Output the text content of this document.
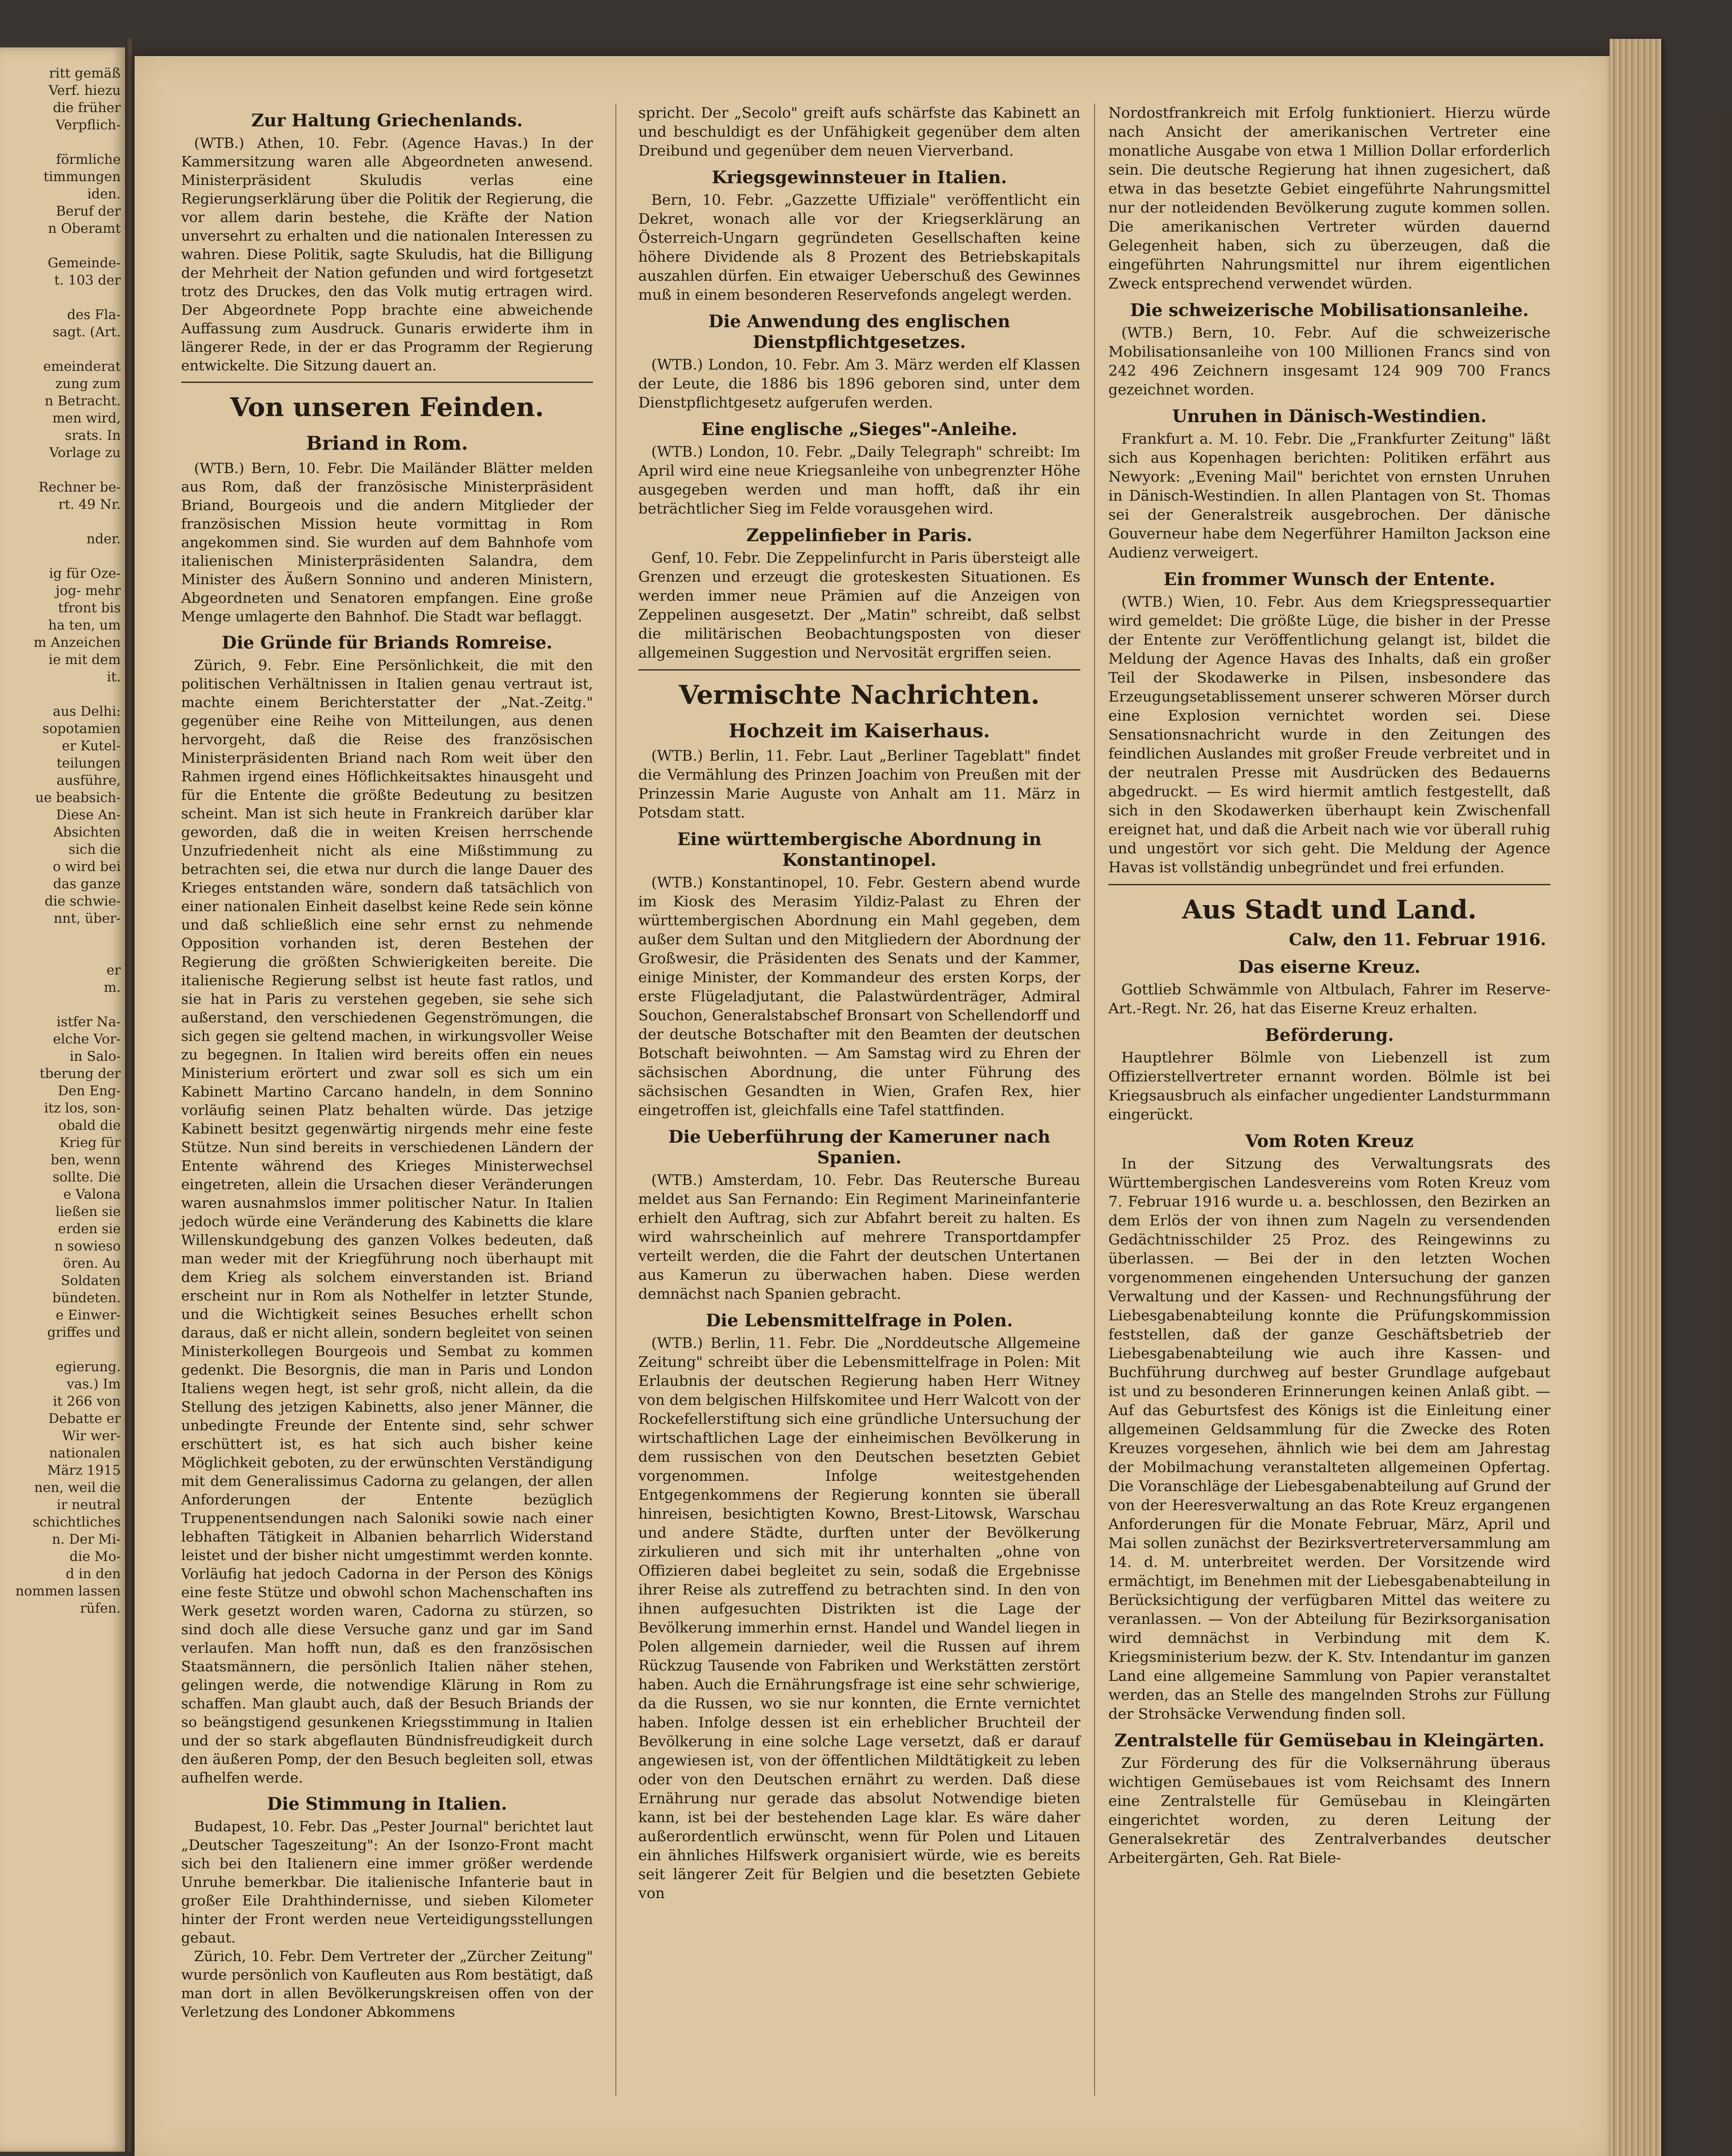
ritt gemäß
Verf. hiezu
die früher
Verpflich-
förmliche
timmungen
iden.
Beruf der
n Oberamt
Gemeinde-
t. 103 der
des Fla-
sagt. (Art.
emeinderat
zung zum
n Betracht.
men wird,
srats. In
Vorlage zu
Rechner be-
rt. 49 Nr.
nder.
ig für Oze-
jog- mehr
tfront bis
ha ten, um
m Anzeichen
ie mit dem
it.
aus Delhi:
sopotamien
er Kutel-
teilungen
ausführe,
ue beabsich-
Diese An-
Absichten
sich die
o wird bei
das ganze
die schwie-
nnt, über-
er
m.
istfer Na-
elche Vor-
in Salo-
tberung der
Den Eng-
itz los, son-
obald die
Krieg für
ben, wenn
sollte. Die
e Valona
ließen sie
erden sie
n sowieso
ören. Au
Soldaten
bündeten.
e Einwer-
griffes und
egierung.
vas.) Im
it 266 von
Debatte er
Wir wer-
nationalen
März 1915
nen, weil die
ir neutral
schichtliches
n. Der Mi-
die Mo-
d in den
nommen lassen
rüfen.
Zur Haltung Griechenlands.

(WTB.) Athen, 10. Febr. (Agence Havas.) In der Kammersitzung waren alle Abgeordneten anwesend. Ministerpräsident Skuludis verlas eine Regierungserklärung über die Politik der Regierung, die vor allem darin bestehe, die Kräfte der Nation unversehrt zu erhalten und die nationalen Interessen zu wahren. Diese Politik, sagte Skuludis, hat die Billigung der Mehrheit der Nation gefunden und wird fortgesetzt trotz des Druckes, den das Volk mutig ertragen wird. Der Abgeordnete Popp brachte eine abweichende Auffassung zum Ausdruck. Gunaris erwiderte ihm in längerer Rede, in der er das Programm der Regierung entwickelte. Die Sitzung dauert an.

Von unseren Feinden.
Briand in Rom.

(WTB.) Bern, 10. Febr. Die Mailänder Blätter melden aus Rom, daß der französische Ministerpräsident Briand, Bourgeois und die andern Mitglieder der französischen Mission heute vormittag in Rom angekommen sind. Sie wurden auf dem Bahnhofe vom italienischen Ministerpräsidenten Salandra, dem Minister des Äußern Sonnino und anderen Ministern, Abgeordneten und Senatoren empfangen. Eine große Menge umlagerte den Bahnhof. Die Stadt war beflaggt.

Die Gründe für Briands Romreise.

Zürich, 9. Febr. Eine Persönlichkeit, die mit den politischen Verhältnissen in Italien genau vertraut ist, machte einem Berichterstatter der „Nat.-Zeitg." gegenüber eine Reihe von Mitteilungen, aus denen hervorgeht, daß die Reise des französischen Ministerpräsidenten Briand nach Rom weit über den Rahmen irgend eines Höflichkeitsaktes hinausgeht und für die Entente die größte Bedeutung zu besitzen scheint. Man ist sich heute in Frankreich darüber klar geworden, daß die in weiten Kreisen herrschende Unzufriedenheit nicht als eine Mißstimmung zu betrachten sei, die etwa nur durch die lange Dauer des Krieges entstanden wäre, sondern daß tatsächlich von einer nationalen Einheit daselbst keine Rede sein könne und daß schließlich eine sehr ernst zu nehmende Opposition vorhanden ist, deren Bestehen der Regierung die größten Schwierigkeiten bereite. Die italienische Regierung selbst ist heute fast ratlos, und sie hat in Paris zu verstehen gegeben, sie sehe sich außerstand, den verschiedenen Gegenströmungen, die sich gegen sie geltend machen, in wirkungsvoller Weise zu begegnen. In Italien wird bereits offen ein neues Ministerium erörtert und zwar soll es sich um ein Kabinett Martino Carcano handeln, in dem Sonnino vorläufig seinen Platz behalten würde. Das jetzige Kabinett besitzt gegenwärtig nirgends mehr eine feste Stütze. Nun sind bereits in verschiedenen Ländern der Entente während des Krieges Ministerwechsel eingetreten, allein die Ursachen dieser Veränderungen waren ausnahmslos immer politischer Natur. In Italien jedoch würde eine Veränderung des Kabinetts die klare Willenskundgebung des ganzen Volkes bedeuten, daß man weder mit der Kriegführung noch überhaupt mit dem Krieg als solchem einverstanden ist. Briand erscheint nur in Rom als Nothelfer in letzter Stunde, und die Wichtigkeit seines Besuches erhellt schon daraus, daß er nicht allein, sondern begleitet von seinen Ministerkollegen Bourgeois und Sembat zu kommen gedenkt. Die Besorgnis, die man in Paris und London Italiens wegen hegt, ist sehr groß, nicht allein, da die Stellung des jetzigen Kabinetts, also jener Männer, die unbedingte Freunde der Entente sind, sehr schwer erschüttert ist, es hat sich auch bisher keine Möglichkeit geboten, zu der erwünschten Verständigung mit dem Generalissimus Cadorna zu gelangen, der allen Anforderungen der Entente bezüglich Truppenentsendungen nach Saloniki sowie nach einer lebhaften Tätigkeit in Albanien beharrlich Widerstand leistet und der bisher nicht umgestimmt werden konnte. Vorläufig hat jedoch Cadorna in der Person des Königs eine feste Stütze und obwohl schon Machenschaften ins Werk gesetzt worden waren, Cadorna zu stürzen, so sind doch alle diese Versuche ganz und gar im Sand verlaufen. Man hofft nun, daß es den französischen Staatsmännern, die persönlich Italien näher stehen, gelingen werde, die notwendige Klärung in Rom zu schaffen. Man glaubt auch, daß der Besuch Briands der so beängstigend gesunkenen Kriegsstimmung in Italien und der so stark abgeflauten Bündnisfreudigkeit durch den äußeren Pomp, der den Besuch begleiten soll, etwas aufhelfen werde.

Die Stimmung in Italien.

Budapest, 10. Febr. Das „Pester Journal" berichtet laut „Deutscher Tageszeitung": An der Isonzo-Front macht sich bei den Italienern eine immer größer werdende Unruhe bemerkbar. Die italienische Infanterie baut in großer Eile Drahthindernisse, und sieben Kilometer hinter der Front werden neue Verteidigungsstellungen gebaut.

Zürich, 10. Febr. Dem Vertreter der „Zürcher Zeitung" wurde persönlich von Kaufleuten aus Rom bestätigt, daß man dort in allen Bevölkerungskreisen offen von der Verletzung des Londoner Abkommens

spricht. Der „Secolo" greift aufs schärfste das Kabinett an und beschuldigt es der Unfähigkeit gegenüber dem alten Dreibund und gegenüber dem neuen Vierverband.

Kriegsgewinnsteuer in Italien.

Bern, 10. Febr. „Gazzette Uffiziale" veröffentlicht ein Dekret, wonach alle vor der Kriegserklärung an Österreich-Ungarn gegründeten Gesellschaften keine höhere Dividende als 8 Prozent des Betriebskapitals auszahlen dürfen. Ein etwaiger Ueberschuß des Gewinnes muß in einem besonderen Reservefonds angelegt werden.

Die Anwendung des englischen Dienstpflichtgesetzes.

(WTB.) London, 10. Febr. Am 3. März werden elf Klassen der Leute, die 1886 bis 1896 geboren sind, unter dem Dienstpflichtgesetz aufgerufen werden.

Eine englische „Sieges"-Anleihe.

(WTB.) London, 10. Febr. „Daily Telegraph" schreibt: Im April wird eine neue Kriegsanleihe von unbegrenzter Höhe ausgegeben werden und man hofft, daß ihr ein beträchtlicher Sieg im Felde vorausgehen wird.

Zeppelinfieber in Paris.

Genf, 10. Febr. Die Zeppelinfurcht in Paris übersteigt alle Grenzen und erzeugt die groteskesten Situationen. Es werden immer neue Prämien auf die Anzeigen von Zeppelinen ausgesetzt. Der „Matin" schreibt, daß selbst die militärischen Beobachtungsposten von dieser allgemeinen Suggestion und Nervosität ergriffen seien.

Vermischte Nachrichten.
Hochzeit im Kaiserhaus.

(WTB.) Berlin, 11. Febr. Laut „Berliner Tageblatt" findet die Vermählung des Prinzen Joachim von Preußen mit der Prinzessin Marie Auguste von Anhalt am 11. März in Potsdam statt.

Eine württembergische Abordnung in Konstantinopel.

(WTB.) Konstantinopel, 10. Febr. Gestern abend wurde im Kiosk des Merasim Yildiz-Palast zu Ehren der württembergischen Abordnung ein Mahl gegeben, dem außer dem Sultan und den Mitgliedern der Abordnung der Großwesir, die Präsidenten des Senats und der Kammer, einige Minister, der Kommandeur des ersten Korps, der erste Flügeladjutant, die Palastwürdenträger, Admiral Souchon, Generalstabschef Bronsart von Schellendorff und der deutsche Botschafter mit den Beamten der deutschen Botschaft beiwohnten. — Am Samstag wird zu Ehren der sächsischen Abordnung, die unter Führung des sächsischen Gesandten in Wien, Grafen Rex, hier eingetroffen ist, gleichfalls eine Tafel stattfinden.

Die Ueberführung der Kameruner nach Spanien.

(WTB.) Amsterdam, 10. Febr. Das Reutersche Bureau meldet aus San Fernando: Ein Regiment Marineinfanterie erhielt den Auftrag, sich zur Abfahrt bereit zu halten. Es wird wahrscheinlich auf mehrere Transportdampfer verteilt werden, die die Fahrt der deutschen Untertanen aus Kamerun zu überwachen haben. Diese werden demnächst nach Spanien gebracht.

Die Lebensmittelfrage in Polen.

(WTB.) Berlin, 11. Febr. Die „Norddeutsche Allgemeine Zeitung" schreibt über die Lebensmittelfrage in Polen: Mit Erlaubnis der deutschen Regierung haben Herr Witney von dem belgischen Hilfskomitee und Herr Walcott von der Rockefellerstiftung sich eine gründliche Untersuchung der wirtschaftlichen Lage der einheimischen Bevölkerung in dem russischen von den Deutschen besetzten Gebiet vorgenommen. Infolge weitestgehenden Entgegenkommens der Regierung konnten sie überall hinreisen, besichtigten Kowno, Brest-Litowsk, Warschau und andere Städte, durften unter der Bevölkerung zirkulieren und sich mit ihr unterhalten „ohne von Offizieren dabei begleitet zu sein, sodaß die Ergebnisse ihrer Reise als zutreffend zu betrachten sind. In den von ihnen aufgesuchten Distrikten ist die Lage der Bevölkerung immerhin ernst. Handel und Wandel liegen in Polen allgemein darnieder, weil die Russen auf ihrem Rückzug Tausende von Fabriken und Werkstätten zerstört haben. Auch die Ernährungsfrage ist eine sehr schwierige, da die Russen, wo sie nur konnten, die Ernte vernichtet haben. Infolge dessen ist ein erheblicher Bruchteil der Bevölkerung in eine solche Lage versetzt, daß er darauf angewiesen ist, von der öffentlichen Mildtätigkeit zu leben oder von den Deutschen ernährt zu werden. Daß diese Ernährung nur gerade das absolut Notwendige bieten kann, ist bei der bestehenden Lage klar. Es wäre daher außerordentlich erwünscht, wenn für Polen und Litauen ein ähnliches Hilfswerk organisiert würde, wie es bereits seit längerer Zeit für Belgien und die besetzten Gebiete von

Nordostfrankreich mit Erfolg funktioniert. Hierzu würde nach Ansicht der amerikanischen Vertreter eine monatliche Ausgabe von etwa 1 Million Dollar erforderlich sein. Die deutsche Regierung hat ihnen zugesichert, daß etwa in das besetzte Gebiet eingeführte Nahrungsmittel nur der notleidenden Bevölkerung zugute kommen sollen. Die amerikanischen Vertreter würden dauernd Gelegenheit haben, sich zu überzeugen, daß die eingeführten Nahrungsmittel nur ihrem eigentlichen Zweck entsprechend verwendet würden.

Die schweizerische Mobilisationsanleihe.

(WTB.) Bern, 10. Febr. Auf die schweizerische Mobilisationsanleihe von 100 Millionen Francs sind von 242 496 Zeichnern insgesamt 124 909 700 Francs gezeichnet worden.

Unruhen in Dänisch-Westindien.

Frankfurt a. M. 10. Febr. Die „Frankfurter Zeitung" läßt sich aus Kopenhagen berichten: Politiken erfährt aus Newyork: „Evening Mail" berichtet von ernsten Unruhen in Dänisch-Westindien. In allen Plantagen von St. Thomas sei der Generalstreik ausgebrochen. Der dänische Gouverneur habe dem Negerführer Hamilton Jackson eine Audienz verweigert.

Ein frommer Wunsch der Entente.

(WTB.) Wien, 10. Febr. Aus dem Kriegspressequartier wird gemeldet: Die größte Lüge, die bisher in der Presse der Entente zur Veröffentlichung gelangt ist, bildet die Meldung der Agence Havas des Inhalts, daß ein großer Teil der Skodawerke in Pilsen, insbesondere das Erzeugungsetablissement unserer schweren Mörser durch eine Explosion vernichtet worden sei. Diese Sensationsnachricht wurde in den Zeitungen des feindlichen Auslandes mit großer Freude verbreitet und in der neutralen Presse mit Ausdrücken des Bedauerns abgedruckt. — Es wird hiermit amtlich festgestellt, daß sich in den Skodawerken überhaupt kein Zwischenfall ereignet hat, und daß die Arbeit nach wie vor überall ruhig und ungestört vor sich geht. Die Meldung der Agence Havas ist vollständig unbegründet und frei erfunden.

Aus Stadt und Land.
Calw, den 11. Februar 1916.
Das eiserne Kreuz.

Gottlieb Schwämmle von Altbulach, Fahrer im Reserve-Art.-Regt. Nr. 26, hat das Eiserne Kreuz erhalten.

Beförderung.

Hauptlehrer Bölmle von Liebenzell ist zum Offizierstellvertreter ernannt worden. Bölmle ist bei Kriegsausbruch als einfacher ungedienter Landsturmmann eingerückt.

Vom Roten Kreuz

In der Sitzung des Verwaltungsrats des Württembergischen Landesvereins vom Roten Kreuz vom 7. Februar 1916 wurde u. a. beschlossen, den Bezirken an dem Erlös der von ihnen zum Nageln zu versendenden Gedächtnisschilder 25 Proz. des Reingewinns zu überlassen. — Bei der in den letzten Wochen vorgenommenen eingehenden Untersuchung der ganzen Verwaltung und der Kassen- und Rechnungsführung der Liebesgabenabteilung konnte die Prüfungskommission feststellen, daß der ganze Geschäftsbetrieb der Liebesgabenabteilung wie auch ihre Kassen- und Buchführung durchweg auf bester Grundlage aufgebaut ist und zu besonderen Erinnerungen keinen Anlaß gibt. — Auf das Geburtsfest des Königs ist die Einleitung einer allgemeinen Geldsammlung für die Zwecke des Roten Kreuzes vorgesehen, ähnlich wie bei dem am Jahrestag der Mobilmachung veranstalteten allgemeinen Opfertag. Die Voranschläge der Liebesgabenabteilung auf Grund der von der Heeresverwaltung an das Rote Kreuz ergangenen Anforderungen für die Monate Februar, März, April und Mai sollen zunächst der Bezirksvertreterversammlung am 14. d. M. unterbreitet werden. Der Vorsitzende wird ermächtigt, im Benehmen mit der Liebesgabenabteilung in Berücksichtigung der verfügbaren Mittel das weitere zu veranlassen. — Von der Abteilung für Bezirksorganisation wird demnächst in Verbindung mit dem K. Kriegsministerium bezw. der K. Stv. Intendantur im ganzen Land eine allgemeine Sammlung von Papier veranstaltet werden, das an Stelle des mangelnden Strohs zur Füllung der Strohsäcke Verwendung finden soll.

Zentralstelle für Gemüsebau in Kleingärten.

Zur Förderung des für die Volksernährung überaus wichtigen Gemüsebaues ist vom Reichsamt des Innern eine Zentralstelle für Gemüsebau in Kleingärten eingerichtet worden, zu deren Leitung der Generalsekretär des Zentralverbandes deutscher Arbeitergärten, Geh. Rat Biele-
